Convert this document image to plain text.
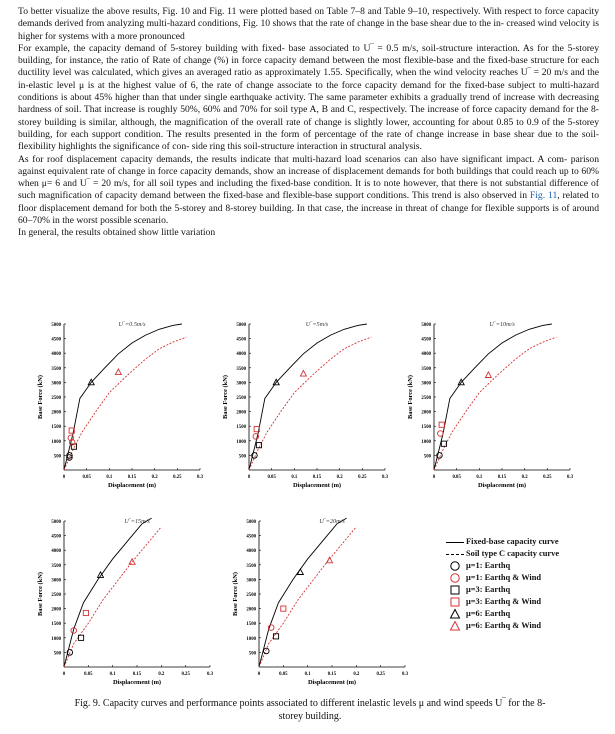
To better visualize the above results, Fig. 10 and Fig. 11 were plotted based on Table 7–8 and Table 9–10, respectively. With respect to force capacity demands derived from analyzing multi-hazard conditions, Fig. 10 shows that the rate of change in the base shear due to the in- creased wind velocity is higher for systems with a more pronounced

For example, the capacity demand of 5-storey building with fixed- base associated to U‾ = 0.5 m/s, soil-structure interaction. As for the 5-storey building, for instance, the ratio of Rate of change (%) in force capacity demand between the most flexible-base and the fixed-base structure for each ductility level was calculated, which gives an averaged ratio as approximately 1.55. Specifically, when the wind velocity reaches U‾ = 20 m/s and the in-elastic level μ is at the highest value of 6, the rate of change associate to the force capacity demand for the fixed-base subject to multi-hazard conditions is about 45% higher than that under single earthquake activity. The same parameter exhibits a gradually trend of increase with decreasing hardness of soil. That increase is roughly 50%, 60% and 70% for soil type A, B and C, respectively. The increase of force capacity demand for the 8-storey building is similar, although, the magnification of the overall rate of change is slightly lower, accounting for about 0.85 to 0.9 of the 5-storey building, for each support condition. The results presented in the form of percentage of the rate of change increase in base shear due to the soil-flexibility highlights the significance of con- side ring this soil-structure interaction in structural analysis.

As for roof displacement capacity demands, the results indicate that multi-hazard load scenarios can also have significant impact. A com- parison against equivalent rate of change in force capacity demands, show an increase of displacement demands for both buildings that could reach up to 60% when μ= 6 and U‾ = 20 m/s, for all soil types and including the fixed-base condition. It is to note however, that there is not substantial difference of such magnification of capacity demand between the fixed-base and flexible-base support conditions. This trend is also observed in Fig. 11, related to floor displacement demand for both the 5-storey and 8-storey building. In that case, the increase in threat of change for flexible supports is of around 60–70% in the worst possible scenario.

In general, the results obtained show little variation

500
1000
1500
2000
2500
3000
3500
4000
4500
5000
0	0.05	0.1	0.15	0.2	0.25	0.3
Displacement (m)
Base Force (kN)
U‾=0.5m/s
500
1000
1500
2000
2500
3000
3500
4000
4500
5000
0	0.05	0.1	0.15	0.2	0.25	0.3
Displacement (m)
Base Force (kN)
U‾=5m/s
500
1000
1500
2000
2500
3000
3500
4000
4500
5000
0	0.05	0.1	0.15	0.2	0.25	0.3
Displacement (m)
Base Force (kN)
U‾=10m/s
500
1000
1500
2000
2500
3000
3500
4000
4500
5000
0	0.05	0.1	0.15	0.2	0.25	0.3
Displacement (m)
Base Force (kN)
U‾=15m/s
500
1000
1500
2000
2500
3000
3500
4000
4500
5000
0	0.05	0.1	0.15	0.2	0.25	0.3
Displacement (m)
Base Force (kN)
U‾=20m/s
Fixed-base capacity curve
Soil type C capacity curve
μ=1: Earthq
μ=1: Earthq & Wind
μ=3: Earthq
μ=3: Earthq & Wind
μ=6: Earthq
μ=6: Earthq & Wind
Fig. 9. Capacity curves and performance points associated to different inelastic levels μ and wind speeds U‾ for the 8-storey building.
